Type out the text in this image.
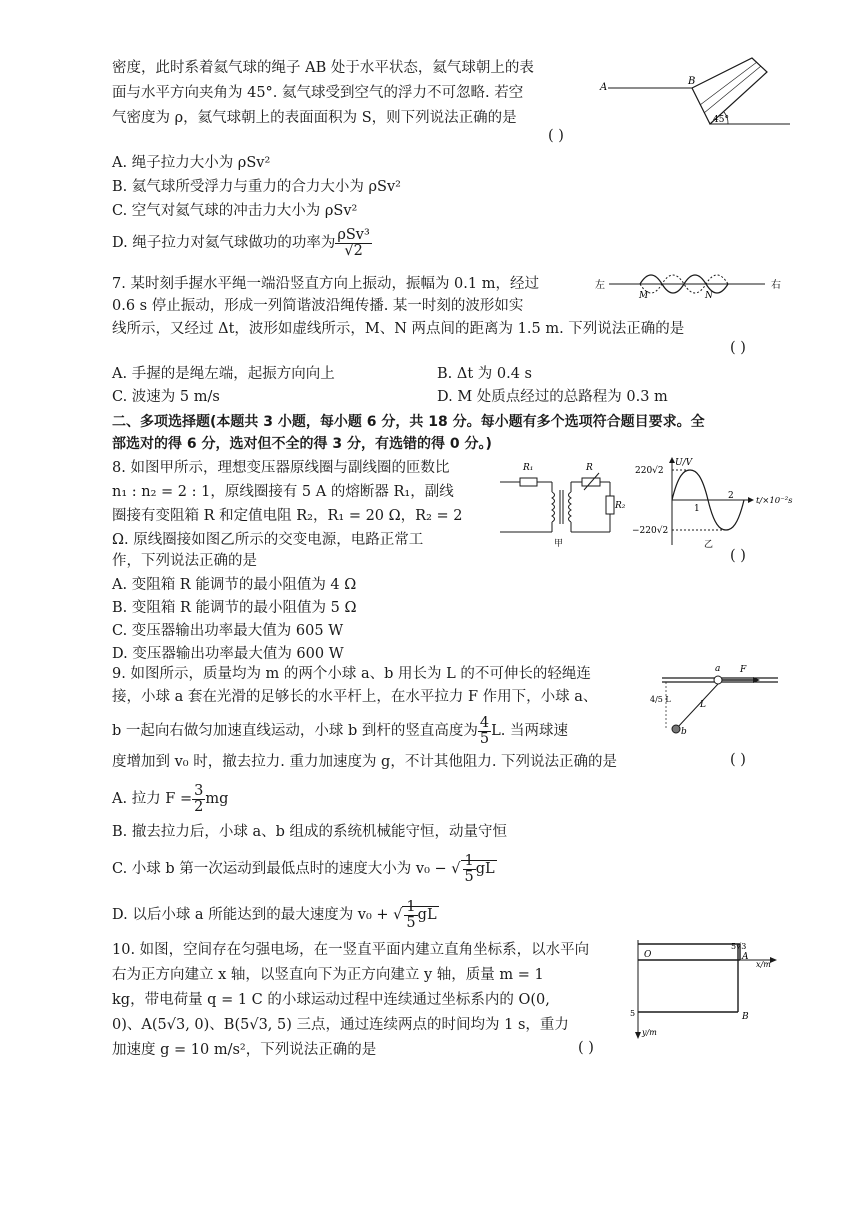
密度，此时系着氦气球的绳子 AB 处于水平状态，氦气球朝上的表
面与水平方向夹角为 45°. 氦气球受到空气的浮力不可忽略. 若空
气密度为 ρ，氦气球朝上的表面面积为 S，则下列说法正确的是
( )
A. 绳子拉力大小为 ρSv²
B. 氦气球所受浮力与重力的合力大小为 ρSv²
C. 空气对氦气球的冲击力大小为 ρSv²
D. 绳子拉力对氦气球做功的功率为 $\frac{\text{ρSv³}}{√2}$
A
B
45°
7. 某时刻手握水平绳一端沿竖直方向上振动，振幅为 0.1 m，经过
0.6 s 停止振动，形成一列简谐波沿绳传播. 某一时刻的波形如实
线所示，又经过 Δt，波形如虚线所示，M、N 两点间的距离为 1.5 m. 下列说法正确的是
( )
A. 手握的是绳左端，起振方向向上	B. Δt 为 0.4 s
C. 波速为 5 m/s	D. M 处质点经过的总路程为 0.3 m
左	右
M	N
二、多项选择题(本题共 3 小题，每小题 6 分，共 18 分。每小题有多个选项符合题目要求。全
部选对的得 6 分，选对但不全的得 3 分，有选错的得 0 分。)
8. 如图甲所示，理想变压器原线圈与副线圈的匝数比
n₁ : n₂ = 2 : 1，原线圈接有 5 A 的熔断器 R₁，副线
圈接有变阻箱 R 和定值电阻 R₂，R₁ = 20 Ω，R₂ = 2
Ω. 原线圈接如图乙所示的交变电源，电路正常工
作，下列说法正确的是	( )
A. 变阻箱 R 能调节的最小阻值为 4 Ω
B. 变阻箱 R 能调节的最小阻值为 5 Ω
C. 变压器输出功率最大值为 605 W
D. 变压器输出功率最大值为 600 W
R₁	R
R₂
甲
U/V
t/×10⁻²s
220√2
−220√2
1
2
乙
9. 如图所示，质量均为 m 的两个小球 a、b 用长为 L 的不可伸长的轻绳连
接，小球 a 套在光滑的足够长的水平杆上，在水平拉力 F 作用下，小球 a、
b 一起向右做匀加速直线运动，小球 b 到杆的竖直高度为 $\frac{4}{5} L$. 当两球速
度增加到 v₀ 时，撤去拉力. 重力加速度为 g，不计其他阻力. 下列说法正确的是	( )
A. 拉力 $F = \frac{3}{2}$ mg
B. 撤去拉力后，小球 a、b 组成的系统机械能守恒，动量守恒
C. 小球 b 第一次运动到最低点时的速度大小为 v₀ − √ $\frac{1}{5}$ gL
D. 以后小球 a 所能达到的最大速度为 v₀ + √ $\frac{1}{5}$ gL
a F
L
b
4/5 L
10. 如图，空间存在匀强电场，在一竖直平面内建立直角坐标系，以水平向
右为正方向建立 x 轴，以竖直向下为正方向建立 y 轴，质量 m = 1
kg，带电荷量 q = 1 C 的小球运动过程中连续通过坐标系内的 O(0,
0)、A(5√3, 0)、B(5√3, 5) 三点，通过连续两点的时间均为 1 s，重力
加速度 g = 10 m/s²，下列说法正确的是	( )
O
5√3
A
x/m
5	B
y/m
